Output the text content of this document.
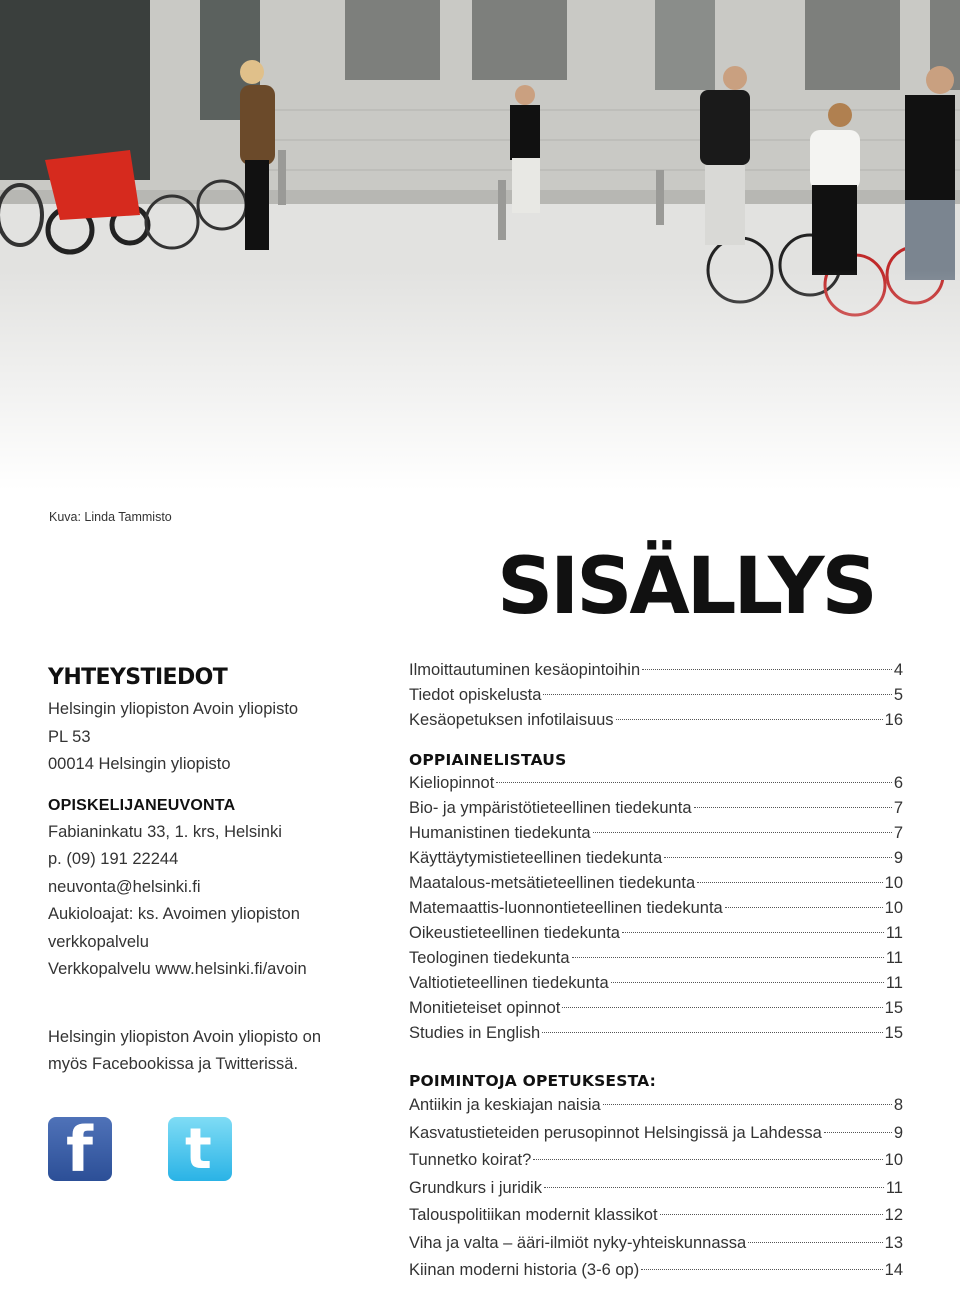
Kuva: Linda Tammisto
SISÄLLYS
YHTEYSTIEDOT
Helsingin yliopiston Avoin yliopisto
PL 53
00014 Helsingin yliopisto
OPISKELIJANEUVONTA
Fabianinkatu 33, 1. krs, Helsinki
p. (09) 191 22244
neuvonta@helsinki.fi
Aukioloajat: ks. Avoimen yliopiston
verkkopalvelu
Verkkopalvelu www.helsinki.fi/avoin
Helsingin yliopiston Avoin yliopisto on
myös Facebookissa ja Twitterissä.
f t
Ilmoittautuminen kesäopintoihin	4
Tiedot opiskelusta	5
Kesäopetuksen infotilaisuus	16
OPPIAINELISTAUS
Kieliopinnot	6
Bio- ja ympäristötieteellinen tiedekunta	7
Humanistinen tiedekunta	7
Käyttäytymistieteellinen tiedekunta	9
Maatalous-metsätieteellinen tiedekunta	10
Matemaattis-luonnontieteellinen tiedekunta	10
Oikeustieteellinen tiedekunta	11
Teologinen tiedekunta	11
Valtiotieteellinen tiedekunta	11
Monitieteiset opinnot	15
Studies in English	15
POIMINTOJA OPETUKSESTA:
Antiikin ja keskiajan naisia	8
Kasvatustieteiden perusopinnot Helsingissä ja Lahdessa	9
Tunnetko koirat?	10
Grundkurs i juridik	11
Talouspolitiikan modernit klassikot	12
Viha ja valta – ääri-ilmiöt nyky-yhteiskunnassa	13
Kiinan moderni historia (3-6 op)	14
